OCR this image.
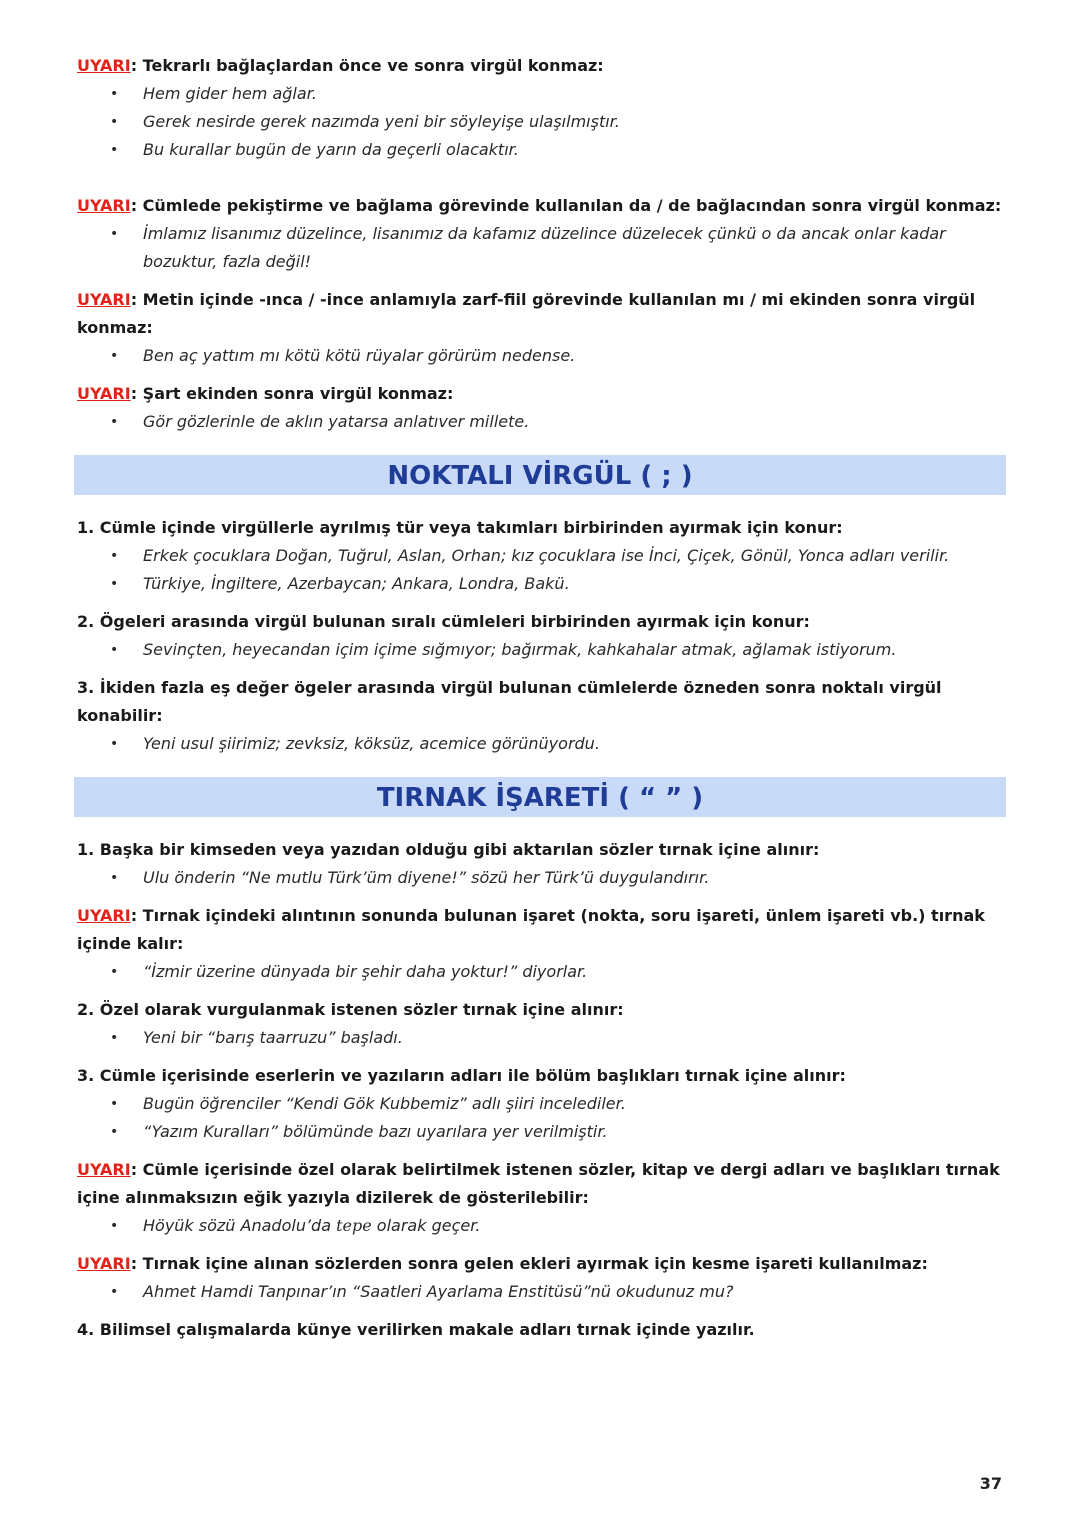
UYARI: Tekrarlı bağlaçlardan önce ve sonra virgül konmaz:

• Hem gider hem ağlar.
• Gerek nesirde gerek nazımda yeni bir söyleyişe ulaşılmıştır.
• Bu kurallar bugün de yarın da geçerli olacaktır.

UYARI: Cümlede pekiştirme ve bağlama görevinde kullanılan da / de bağlacından sonra virgül konmaz:

• İmlamız lisanımız düzelince, lisanımız da kafamız düzelince düzelecek çünkü o da ancak onlar kadar bozuktur, fazla değil!

UYARI: Metin içinde -ınca / -ince anlamıyla zarf-fiil görevinde kullanılan mı / mi ekinden sonra virgül konmaz:

• Ben aç yattım mı kötü kötü rüyalar görürüm nedense.

UYARI: Şart ekinden sonra virgül konmaz:

• Gör gözlerinle de aklın yatarsa anlatıver millete.
NOKTALI VİRGÜL ( ; )

1. Cümle içinde virgüllerle ayrılmış tür veya takımları birbirinden ayırmak için konur:

• Erkek çocuklara Doğan, Tuğrul, Aslan, Orhan; kız çocuklara ise İnci, Çiçek, Gönül, Yonca adları verilir.
• Türkiye, İngiltere, Azerbaycan; Ankara, Londra, Bakü.

2. Ögeleri arasında virgül bulunan sıralı cümleleri birbirinden ayırmak için konur:

• Sevinçten, heyecandan içim içime sığmıyor; bağırmak, kahkahalar atmak, ağlamak istiyorum.

3. İkiden fazla eş değer ögeler arasında virgül bulunan cümlelerde özneden sonra noktalı virgül konabilir:

• Yeni usul şiirimiz; zevksiz, köksüz, acemice görünüyordu.
TIRNAK İŞARETİ ( “ ” )

1. Başka bir kimseden veya yazıdan olduğu gibi aktarılan sözler tırnak içine alınır:

• Ulu önderin “Ne mutlu Türk’üm diyene!” sözü her Türk’ü duygulandırır.

UYARI: Tırnak içindeki alıntının sonunda bulunan işaret (nokta, soru işareti, ünlem işareti vb.) tırnak içinde kalır:

• “İzmir üzerine dünyada bir şehir daha yoktur!” diyorlar.

2. Özel olarak vurgulanmak istenen sözler tırnak içine alınır:

• Yeni bir “barış taarruzu” başladı.

3. Cümle içerisinde eserlerin ve yazıların adları ile bölüm başlıkları tırnak içine alınır:

• Bugün öğrenciler “Kendi Gök Kubbemiz” adlı şiiri incelediler.
• “Yazım Kuralları” bölümünde bazı uyarılara yer verilmiştir.

UYARI: Cümle içerisinde özel olarak belirtilmek istenen sözler, kitap ve dergi adları ve başlıkları tırnak içine alınmaksızın eğik yazıyla dizilerek de gösterilebilir:

• Höyük sözü Anadolu’da tepe olarak geçer.

UYARI: Tırnak içine alınan sözlerden sonra gelen ekleri ayırmak için kesme işareti kullanılmaz:

• Ahmet Hamdi Tanpınar’ın “Saatleri Ayarlama Enstitüsü”nü okudunuz mu?

4. Bilimsel çalışmalarda künye verilirken makale adları tırnak içinde yazılır.

37
